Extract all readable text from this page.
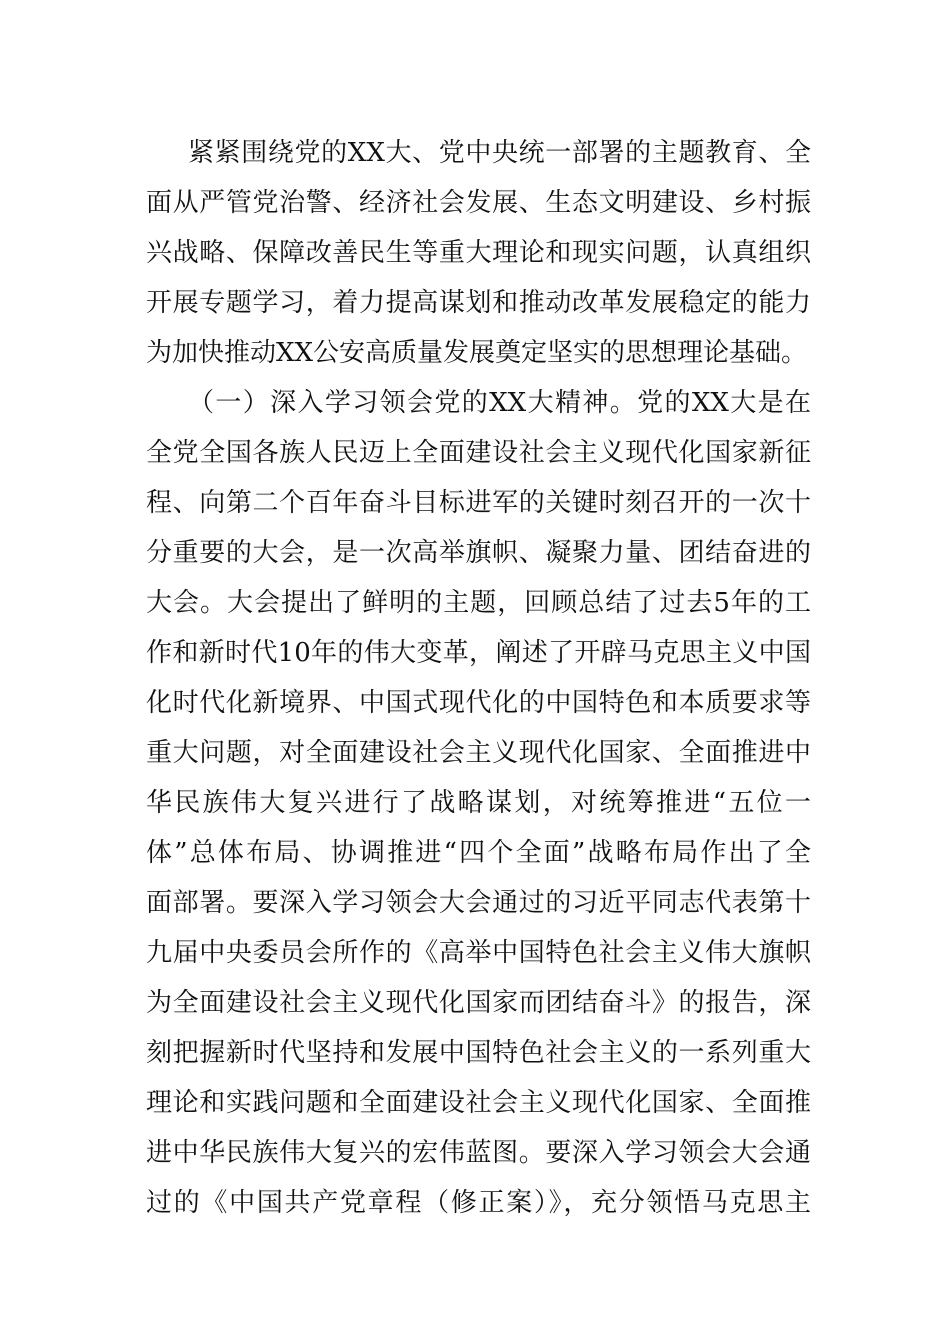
紧紧围绕党的XX大、党中央统一部署的主题教育、全
面从严管党治警、经济社会发展、生态文明建设、乡村振
兴战略、保障改善民生等重大理论和现实问题，认真组织
开展专题学习，着力提高谋划和推动改革发展稳定的能力
为加快推动XX公安高质量发展奠定坚实的思想理论基础。
（一）深入学习领会党的XX大精神。党的XX大是在
全党全国各族人民迈上全面建设社会主义现代化国家新征
程、向第二个百年奋斗目标进军的关键时刻召开的一次十
分重要的大会，是一次高举旗帜、凝聚力量、团结奋进的
大会。大会提出了鲜明的主题，回顾总结了过去5年的工
作和新时代10年的伟大变革，阐述了开辟马克思主义中国
化时代化新境界、中国式现代化的中国特色和本质要求等
重大问题，对全面建设社会主义现代化国家、全面推进中
华民族伟大复兴进行了战略谋划，对统筹推进“五位一
体”总体布局、协调推进“四个全面”战略布局作出了全
面部署。要深入学习领会大会通过的习近平同志代表第十
九届中央委员会所作的《高举中国特色社会主义伟大旗帜
为全面建设社会主义现代化国家而团结奋斗》的报告，深
刻把握新时代坚持和发展中国特色社会主义的一系列重大
理论和实践问题和全面建设社会主义现代化国家、全面推
进中华民族伟大复兴的宏伟蓝图。要深入学习领会大会通
过的《中国共产党章程（修正案）》，充分领悟马克思主
